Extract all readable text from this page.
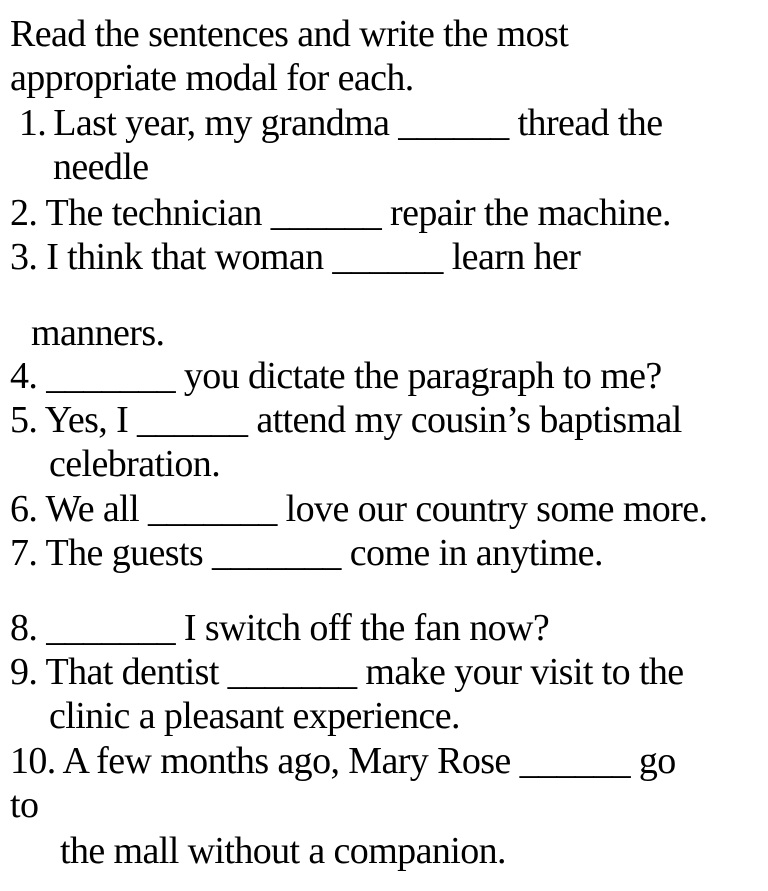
Read the sentences and write the most
appropriate modal for each.
1. Last year, my grandma ______ thread the
needle
2. The technician ______ repair the machine.
3. I think that woman ______ learn her
manners.
4. _______ you dictate the paragraph to me?
5. Yes, I ______ attend my cousin’s baptismal
celebration.
6. We all _______ love our country some more.
7. The guests _______ come in anytime.
8. _______ I switch off the fan now?
9. That dentist _______ make your visit to the
clinic a pleasant experience.
10. A few months ago, Mary Rose ______ go
to
the mall without a companion.
